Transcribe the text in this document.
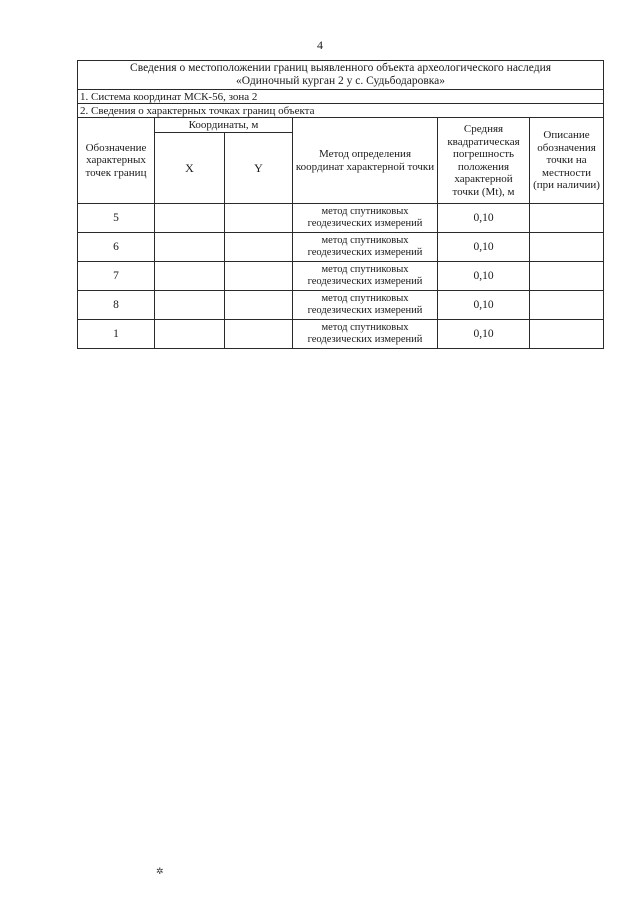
4
Сведения о местоположении границ выявленного объекта археологического наследия
«Одиночный курган 2 у с. Судьбодаровка»					

1. Система координат МСК-56, зона 2					
2. Сведения о характерных точках границ объекта					
Обозначение характерных точек границ	Координаты, м		Метод определения координат характерной точки	Средняя квадратическая погрешность положения характерной точки (Mt), м	Описание обозначения точки на местности (при наличии)
	X	Y			
5			метод спутниковых геодезических измерений	0,10	
6			метод спутниковых геодезических измерений	0,10	
7			метод спутниковых геодезических измерений	0,10	
8			метод спутниковых геодезических измерений	0,10	
1			метод спутниковых геодезических измерений	0,10	
✲
